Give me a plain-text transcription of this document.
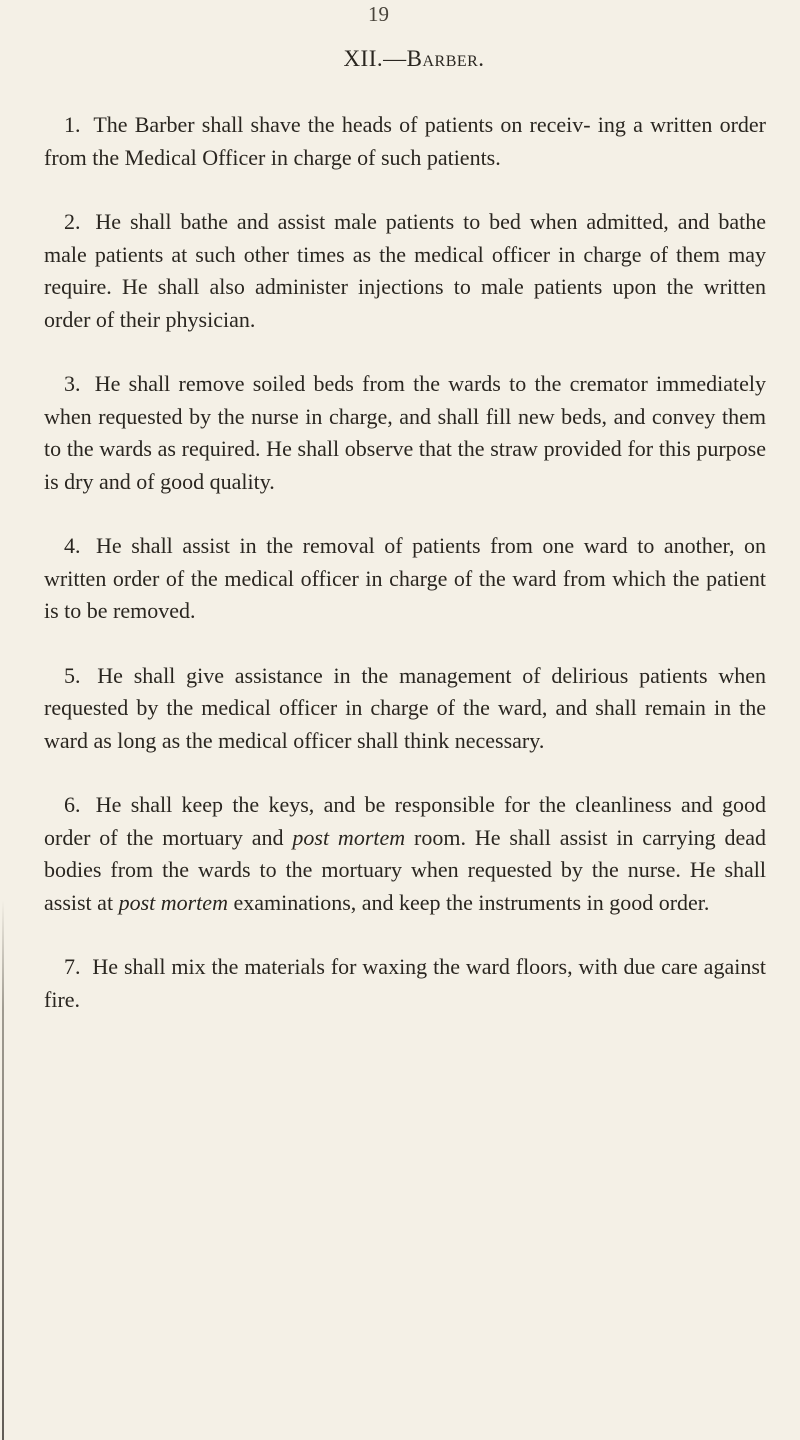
19
XII.—Barber.

1. The Barber shall shave the heads of patients on receiv- ing a written order from the Medical Officer in charge of such patients.

2. He shall bathe and assist male patients to bed when admitted, and bathe male patients at such other times as the medical officer in charge of them may require. He shall also administer injections to male patients upon the written order of their physician.

3. He shall remove soiled beds from the wards to the cremator immediately when requested by the nurse in charge, and shall fill new beds, and convey them to the wards as required. He shall observe that the straw provided for this purpose is dry and of good quality.

4. He shall assist in the removal of patients from one ward to another, on written order of the medical officer in charge of the ward from which the patient is to be removed.

5. He shall give assistance in the management of delirious patients when requested by the medical officer in charge of the ward, and shall remain in the ward as long as the medical officer shall think necessary.

6. He shall keep the keys, and be responsible for the cleanliness and good order of the mortuary and post mortem room. He shall assist in carrying dead bodies from the wards to the mortuary when requested by the nurse. He shall assist at post mortem examinations, and keep the instruments in good order.

7. He shall mix the materials for waxing the ward floors, with due care against fire.
